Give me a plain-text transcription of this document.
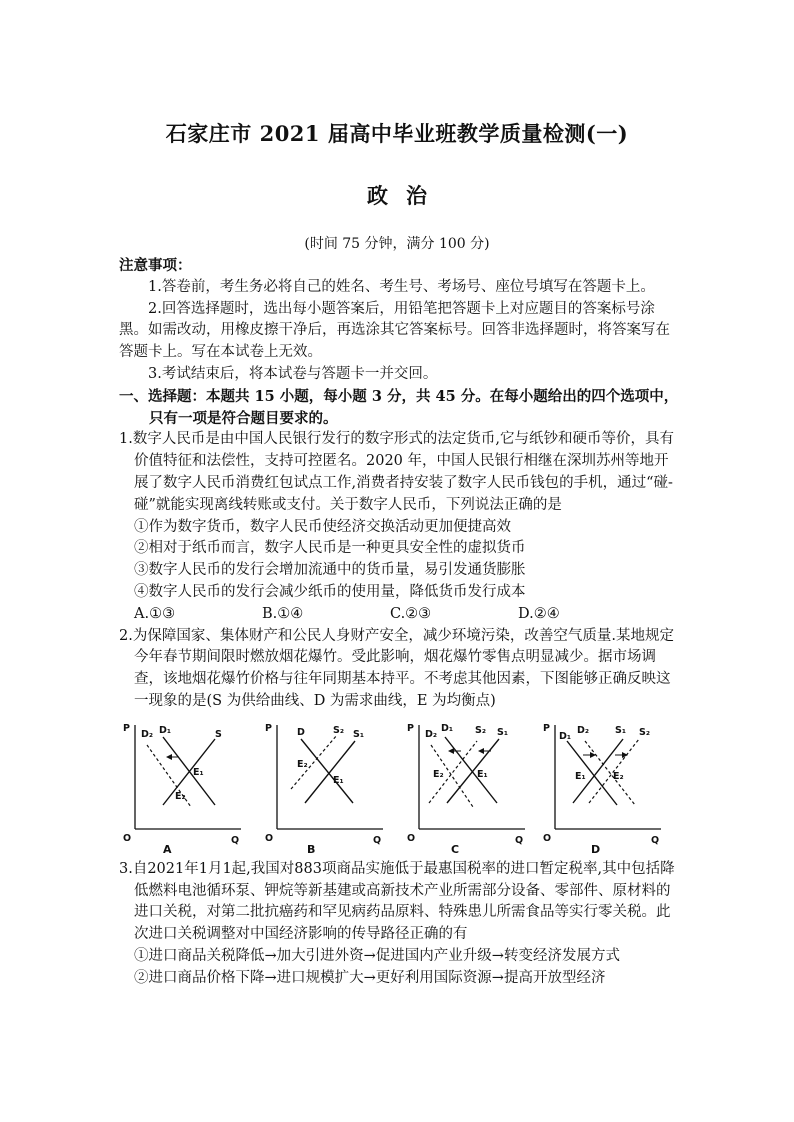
石家庄市 2021 届高中毕业班教学质量检测(一)
政治
(时间 75 分钟，满分 100 分)

注意事项：

1.答卷前，考生务必将自己的姓名、考生号、考场号、座位号填写在答题卡上。

2.回答选择题时，选出每小题答案后，用铅笔把答题卡上对应题目的答案标号涂黑。如需改动，用橡皮擦干净后，再选涂其它答案标号。回答非选择题时，将答案写在答题卡上。写在本试卷上无效。

3.考试结束后，将本试卷与答题卡一并交回。

一、选择题：本题共 15 小题，每小题 3 分，共 45 分。在每小题给出的四个选项中，只有一项是符合题目要求的。

1.数字人民币是由中国人民银行发行的数字形式的法定货币,它与纸钞和硬币等价，具有价值特征和法偿性，支持可控匿名。2020 年，中国人民银行相继在深圳苏州等地开展了数字人民币消费红包试点工作,消费者持安装了数字人民币钱包的手机，通过“碰-碰”就能实现离线转账或支付。关于数字人民币，下列说法正确的是

①作为数字货币，数字人民币使经济交换活动更加便捷高效

②相对于纸币而言，数字人民币是一种更具安全性的虚拟货币

③数字人民币的发行会增加流通中的货币量，易引发通货膨胀

④数字人民币的发行会减少纸币的使用量，降低货币发行成本

A.①③	B.①④	C.②③	D.②④

2.为保障国家、集体财产和公民人身财产安全，减少环境污染，改善空气质量.某地规定今年春节期间限时燃放烟花爆竹。受此影响，烟花爆竹零售点明显减少。据市场调查，该地烟花爆竹价格与往年同期基本持平。不考虑其他因素，下图能够正确反映这一现象的是(S 为供给曲线、D 为需求曲线，E 为均衡点)

P
O	Q
D₂ D₁	S
E₁
E₂
A
P
O	Q
D	S₂ S₁
E₂
E₁
B
P
O	Q
D₂
D₁ S₂ S₁
E₂	E₁
C
P
O	Q
D₁
D₂	S₁ S₂
E₁	E₂
D

3.自2021年1月1起,我国对883项商品实施低于最惠国税率的进口暂定税率,其中包括降低燃料电池循环泵、钾烷等新基建或高新技术产业所需部分设备、零部件、原材料的进口关税，对第二批抗癌药和罕见病药品原料、特殊患儿所需食品等实行零关税。此次进口关税调整对中国经济影响的传导路径正确的有

①进口商品关税降低→加大引进外资→促进国内产业升级→转变经济发展方式

②进口商品价格下降→进口规模扩大→更好利用国际资源→提高开放型经济
